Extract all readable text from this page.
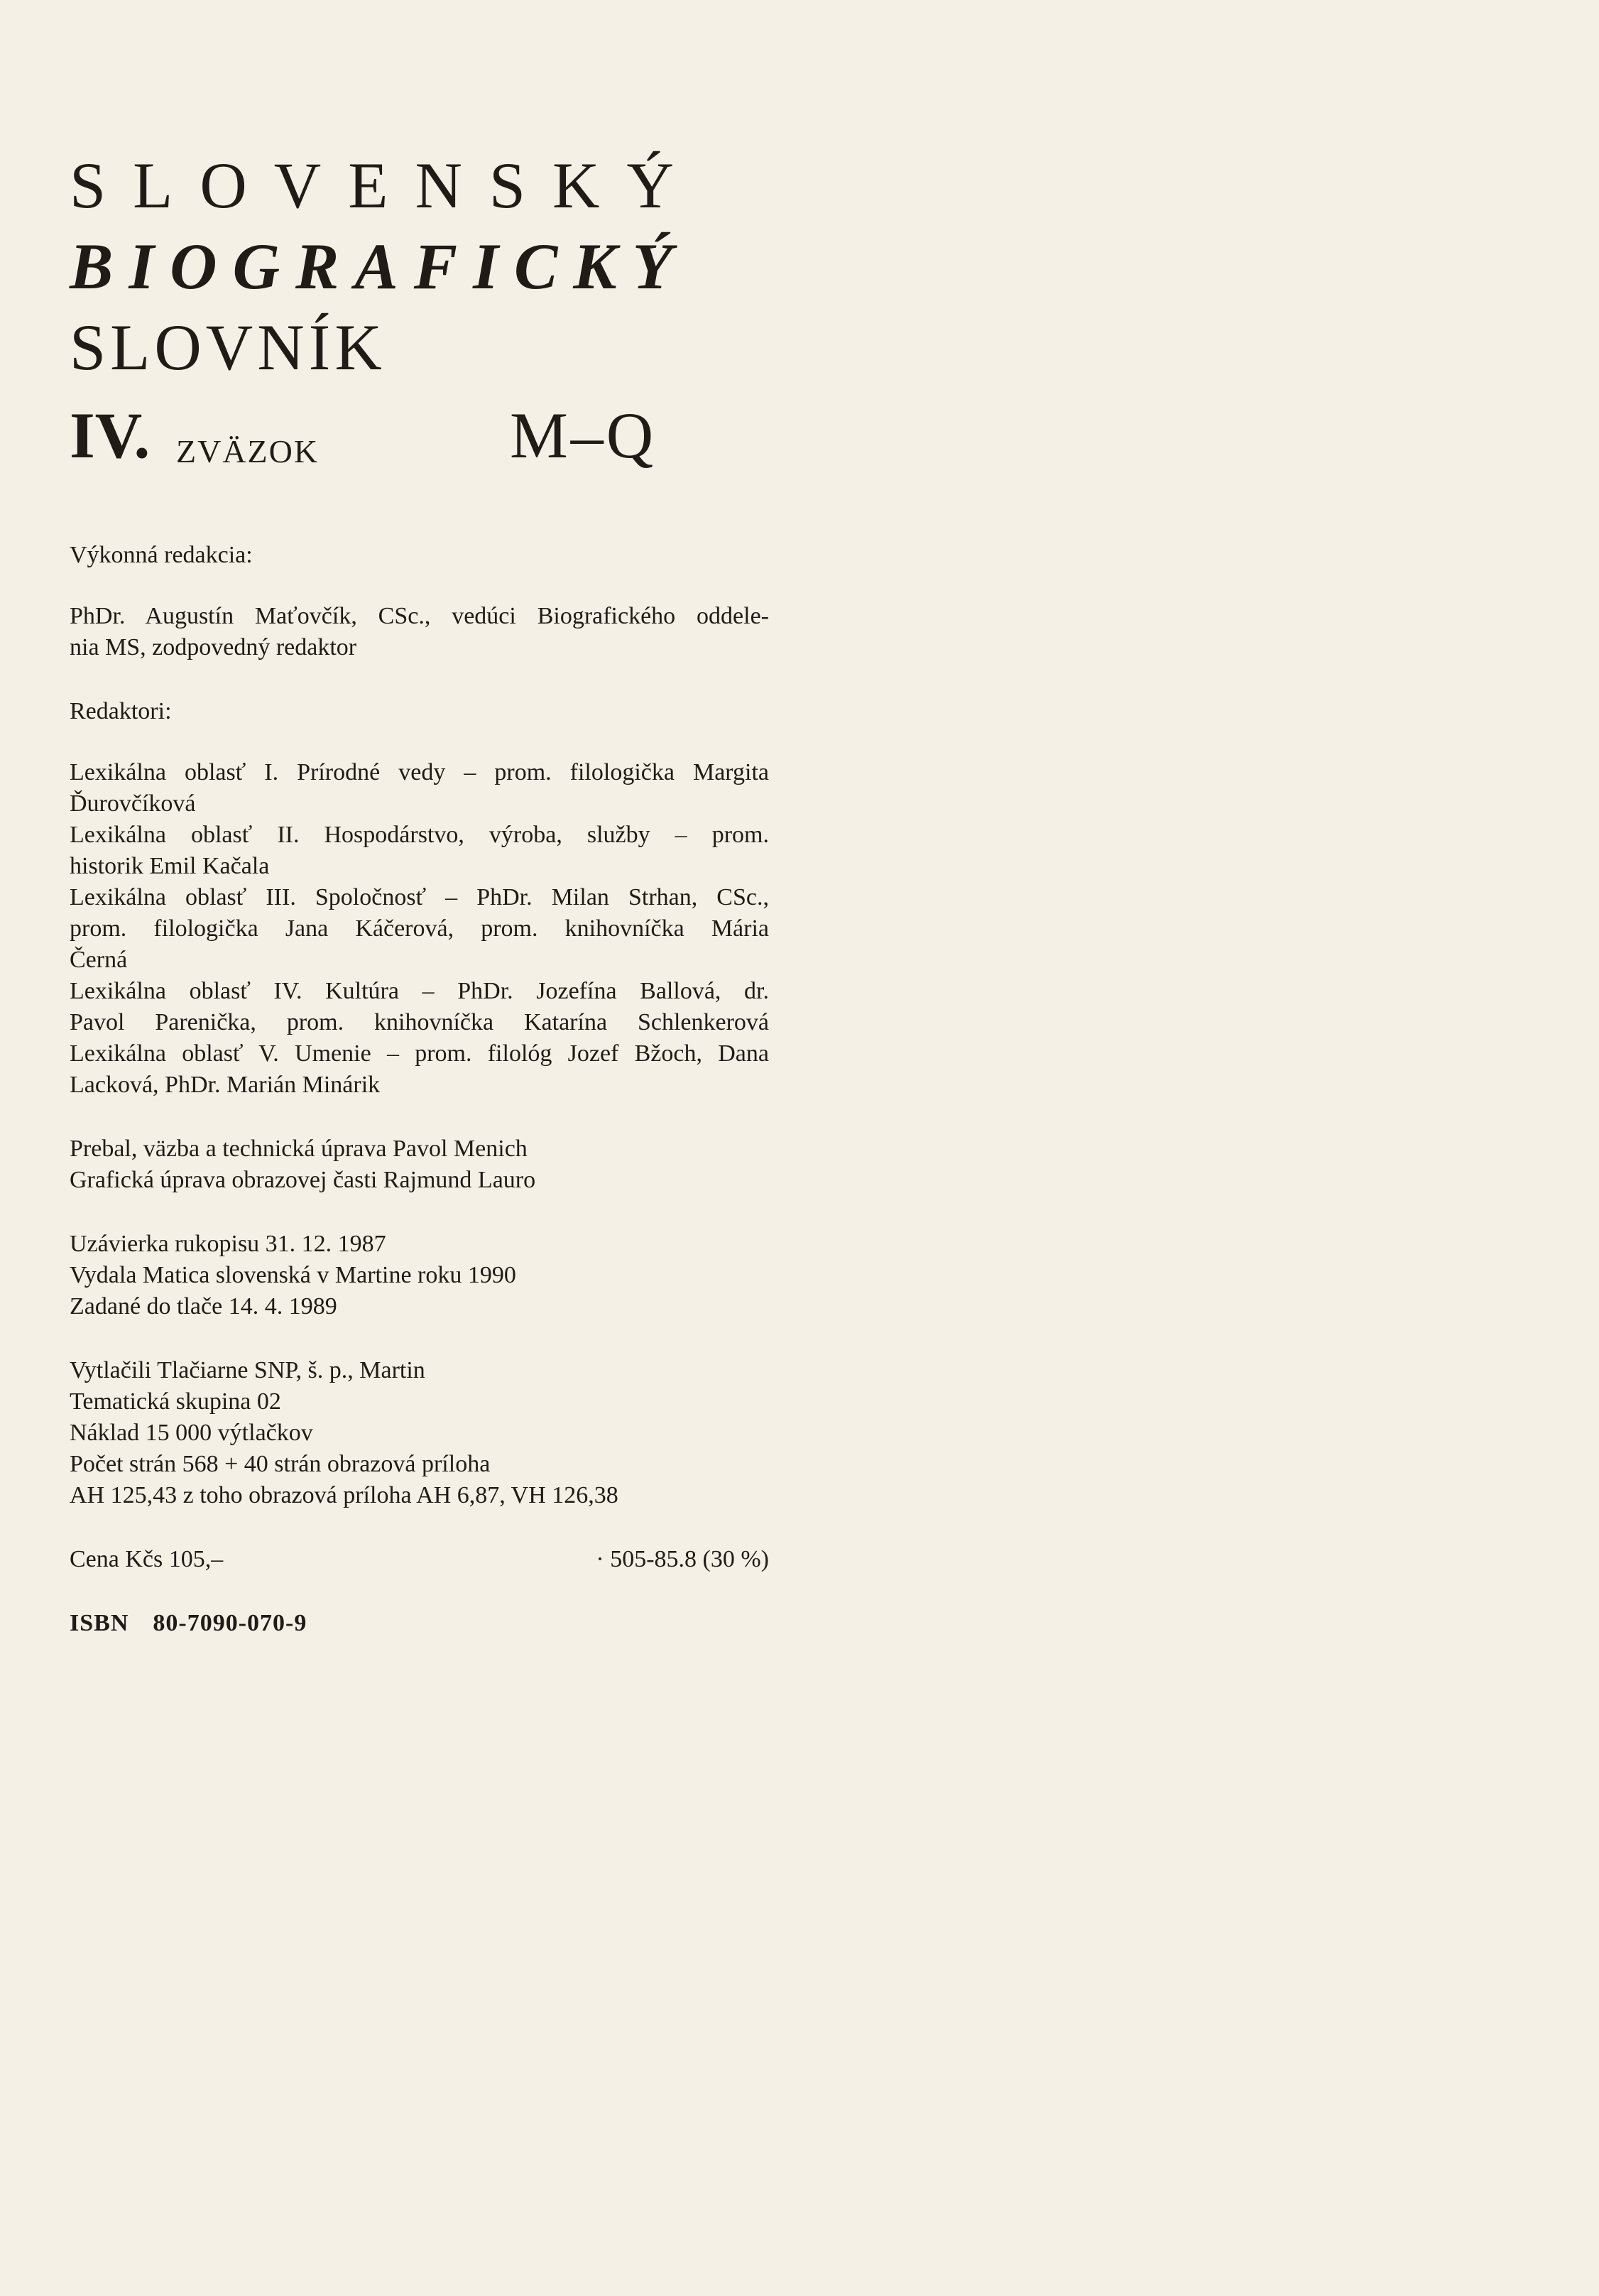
SLOVENSKÝ
BIOGRAFICKÝ
SLOVNÍK
IV. ZVÄZOK	M–Q

Výkonná redakcia:

PhDr. Augustín Maťovčík, CSc., vedúci Biografického oddele-
nia MS, zodpovedný redaktor

Redaktori:

Lexikálna oblasť I. Prírodné vedy – prom. filologička Margita
Ďurovčíková
Lexikálna oblasť II. Hospodárstvo, výroba, služby – prom.
historik Emil Kačala
Lexikálna oblasť III. Spoločnosť – PhDr. Milan Strhan, CSc.,
prom. filologička Jana Káčerová, prom. knihovníčka Mária
Černá
Lexikálna oblasť IV. Kultúra – PhDr. Jozefína Ballová, dr.
Pavol Parenička, prom. knihovníčka Katarína Schlenkerová
Lexikálna oblasť V. Umenie – prom. filológ Jozef Bžoch, Dana
Lacková, PhDr. Marián Minárik
Prebal, väzba a technická úprava Pavol Menich
Grafická úprava obrazovej časti Rajmund Lauro
Uzávierka rukopisu 31. 12. 1987
Vydala Matica slovenská v Martine roku 1990
Zadané do tlače 14. 4. 1989
Vytlačili Tlačiarne SNP, š. p., Martin
Tematická skupina 02
Náklad 15 000 výtlačkov
Počet strán 568 + 40 strán obrazová príloha
AH 125,43 z toho obrazová príloha AH 6,87, VH 126,38
Cena Kčs 105,–	· 505-85.8 (30 %)
ISBN 80-7090-070-9
